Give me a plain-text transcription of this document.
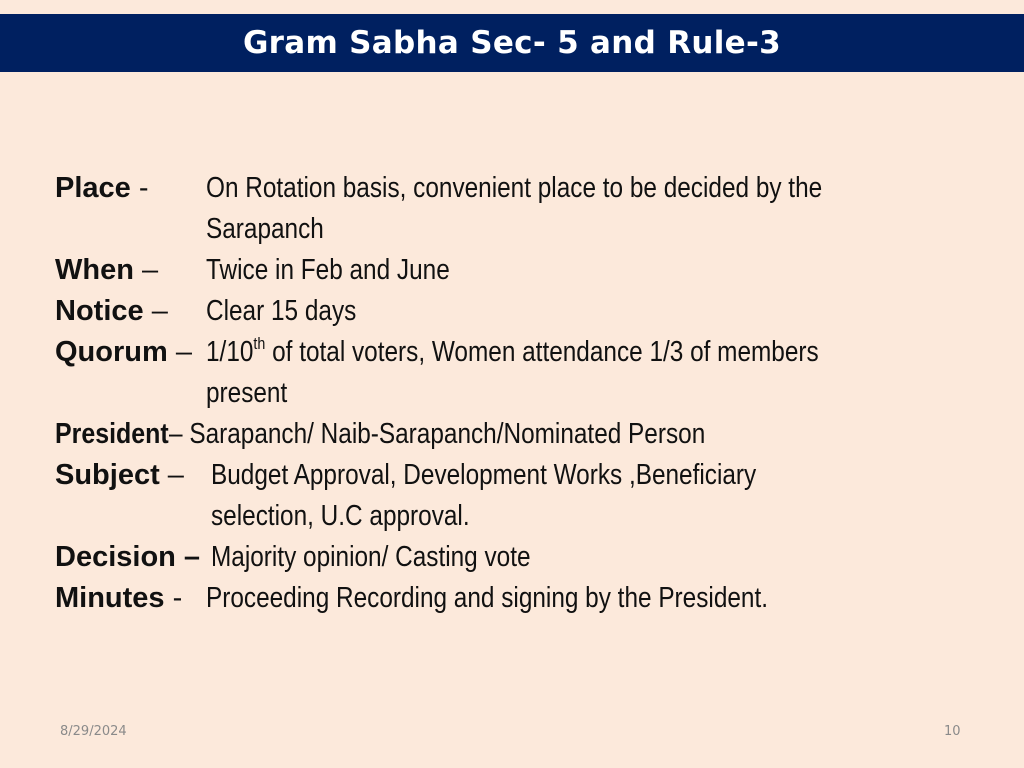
Gram Sabha Sec- 5 and Rule-3
Place - On Rotation basis, convenient place to be decided by the
Sarapanch
When – Twice in Feb and June
Notice – Clear 15 days
Quorum – 1/10th of total voters, Women attendance 1/3 of members
present
President– Sarapanch/ Naib-Sarapanch/Nominated Person
Subject – Budget Approval, Development Works ,Beneficiary
selection, U.C approval.
Decision – Majority opinion/ Casting vote
Minutes - Proceeding Recording and signing by the President.
8/29/2024	10
